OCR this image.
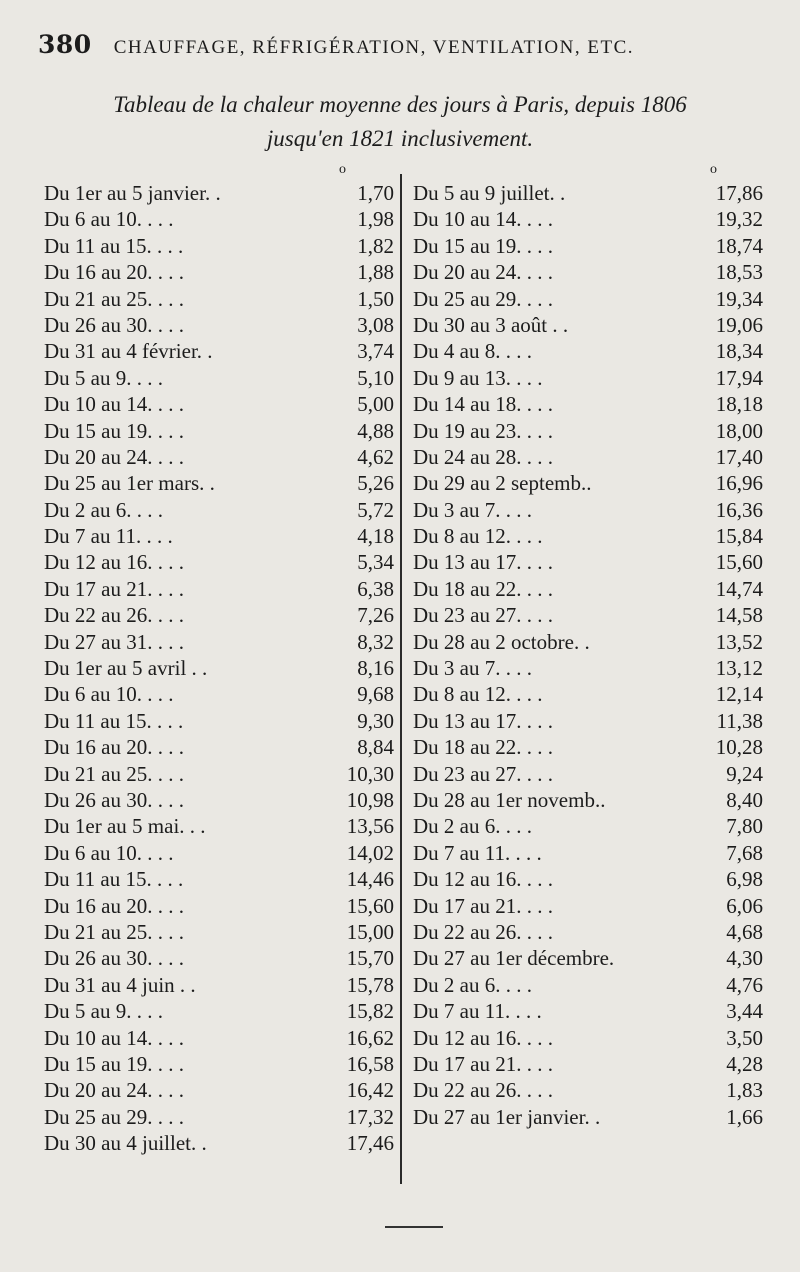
380 CHAUFFAGE, RÉFRIGÉRATION, VENTILATION, ETC.
Tableau de la chaleur moyenne des jours à Paris, depuis 1806
jusqu'en 1821 inclusivement.
o	o
Du 1er au 5 janvier. .	1,70
Du 6 au 10. . . .	1,98
Du 11 au 15. . . .	1,82
Du 16 au 20. . . .	1,88
Du 21 au 25. . . .	1,50
Du 26 au 30. . . .	3,08
Du 31 au 4 février. .	3,74
Du 5 au 9. . . .	5,10
Du 10 au 14. . . .	5,00
Du 15 au 19. . . .	4,88
Du 20 au 24. . . .	4,62
Du 25 au 1er mars. .	5,26
Du 2 au 6. . . .	5,72
Du 7 au 11. . . .	4,18
Du 12 au 16. . . .	5,34
Du 17 au 21. . . .	6,38
Du 22 au 26. . . .	7,26
Du 27 au 31. . . .	8,32
Du 1er au 5 avril . .	8,16
Du 6 au 10. . . .	9,68
Du 11 au 15. . . .	9,30
Du 16 au 20. . . .	8,84
Du 21 au 25. . . .	10,30
Du 26 au 30. . . .	10,98
Du 1er au 5 mai. . .	13,56
Du 6 au 10. . . .	14,02
Du 11 au 15. . . .	14,46
Du 16 au 20. . . .	15,60
Du 21 au 25. . . .	15,00
Du 26 au 30. . . .	15,70
Du 31 au 4 juin . .	15,78
Du 5 au 9. . . .	15,82
Du 10 au 14. . . .	16,62
Du 15 au 19. . . .	16,58
Du 20 au 24. . . .	16,42
Du 25 au 29. . . .	17,32
Du 30 au 4 juillet. .	17,46
Du 5 au 9 juillet. .	17,86
Du 10 au 14. . . .	19,32
Du 15 au 19. . . .	18,74
Du 20 au 24. . . .	18,53
Du 25 au 29. . . .	19,34
Du 30 au 3 août . .	19,06
Du 4 au 8. . . .	18,34
Du 9 au 13. . . .	17,94
Du 14 au 18. . . .	18,18
Du 19 au 23. . . .	18,00
Du 24 au 28. . . .	17,40
Du 29 au 2 septemb..	16,96
Du 3 au 7. . . .	16,36
Du 8 au 12. . . .	15,84
Du 13 au 17. . . .	15,60
Du 18 au 22. . . .	14,74
Du 23 au 27. . . .	14,58
Du 28 au 2 octobre. .	13,52
Du 3 au 7. . . .	13,12
Du 8 au 12. . . .	12,14
Du 13 au 17. . . .	11,38
Du 18 au 22. . . .	10,28
Du 23 au 27. . . .	9,24
Du 28 au 1er novemb..	8,40
Du 2 au 6. . . .	7,80
Du 7 au 11. . . .	7,68
Du 12 au 16. . . .	6,98
Du 17 au 21. . . .	6,06
Du 22 au 26. . . .	4,68
Du 27 au 1er décembre.	4,30
Du 2 au 6. . . .	4,76
Du 7 au 11. . . .	3,44
Du 12 au 16. . . .	3,50
Du 17 au 21. . . .	4,28
Du 22 au 26. . . .	1,83
Du 27 au 1er janvier. .	1,66
